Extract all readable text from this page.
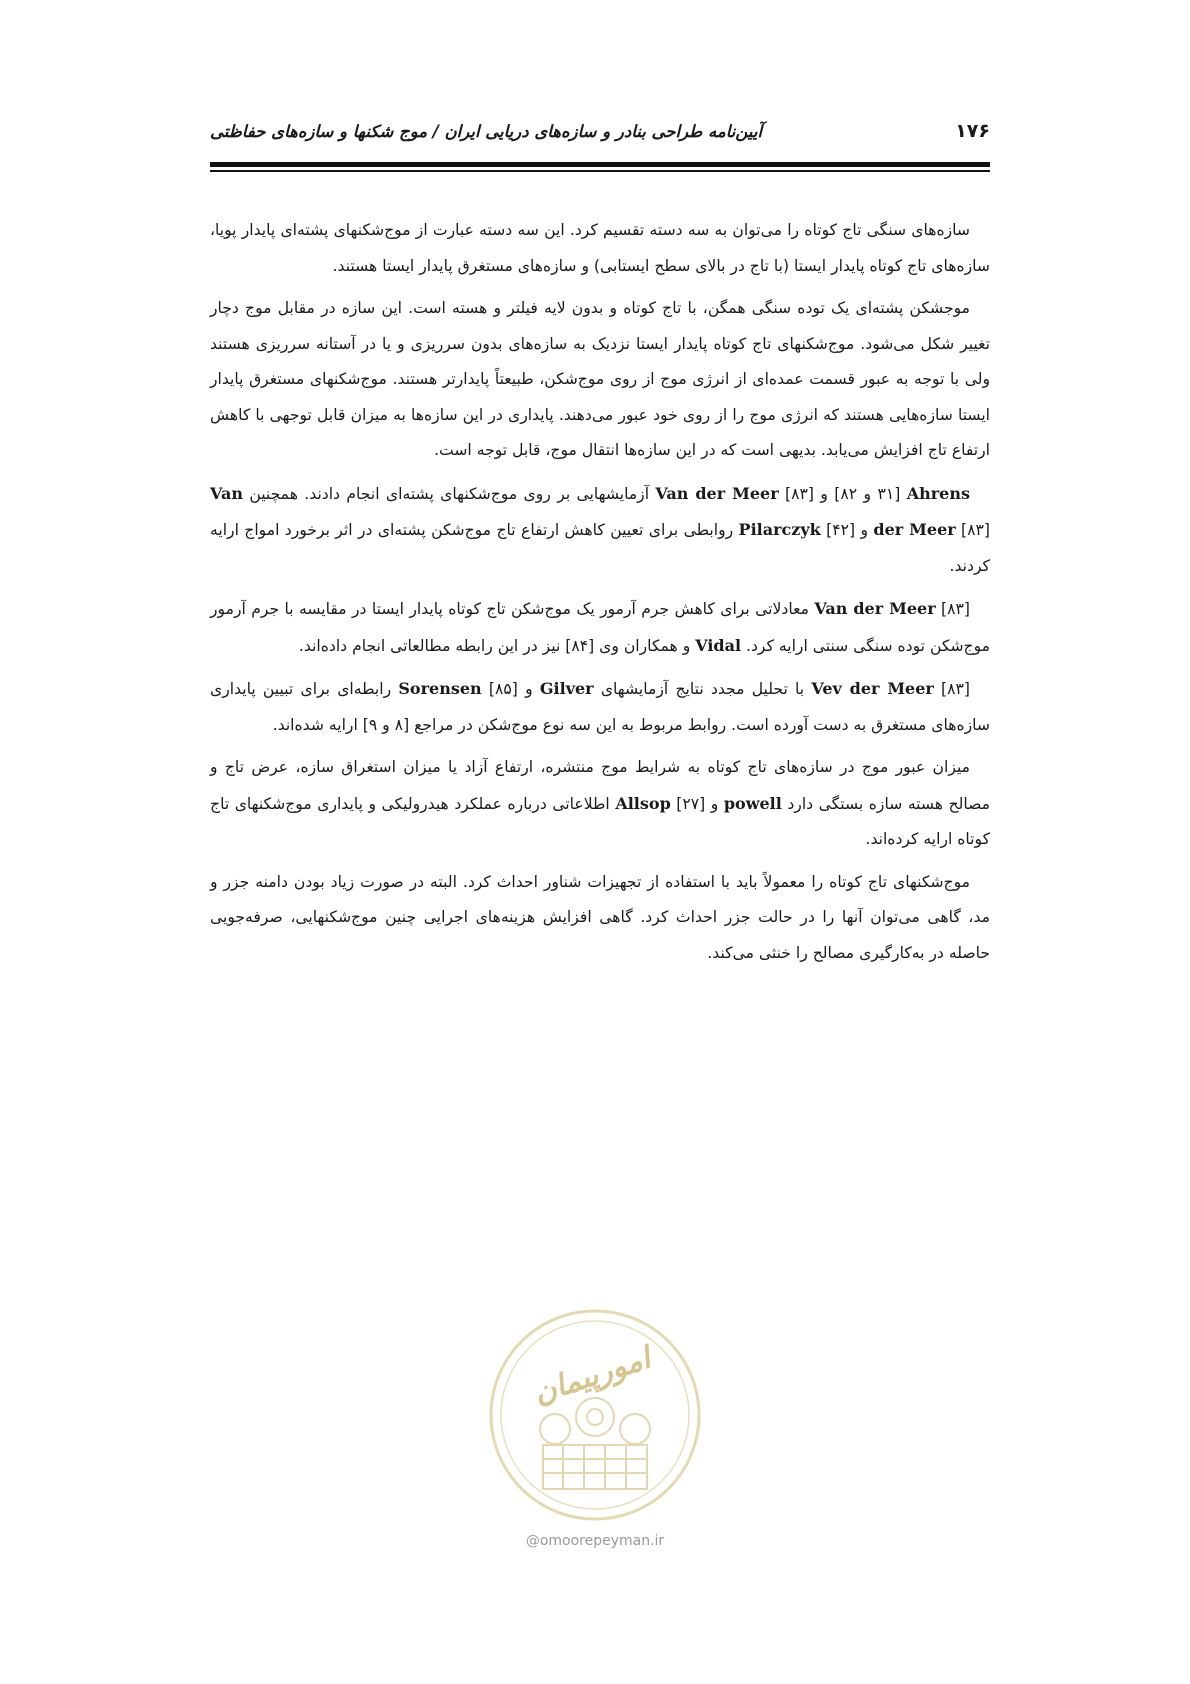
۱۷۶
آیین‌نامه طراحی بنادر و سازه‌های دریایی ایران / موج شکنها و سازه‌های حفاظتی

سازه‌های سنگی تاج کوتاه را می‌توان به سه دسته تقسیم کرد. این سه دسته عبارت از موج‌شکنهای پشته‌ای پایدار پویا، سازه‌های تاج کوتاه پایدار ایستا (با تاج در بالای سطح ایستابی) و سازه‌های مستغرق پایدار ایستا هستند.

موجشکن پشته‌ای یک توده سنگی همگن، با تاج کوتاه و بدون لایه فیلتر و هسته است. این سازه در مقابل موج دچار تغییر شکل می‌شود. موج‌شکنهای تاج کوتاه پایدار ایستا نزدیک به سازه‌های بدون سرریزی و یا در آستانه سرریزی هستند ولی با توجه به عبور قسمت عمده‌ای از انرژی موج از روی موج‌شکن، طبیعتاً پایدارتر هستند. موج‌شکنهای مستغرق پایدار ایستا سازه‌هایی هستند که انرژی موج را از روی خود عبور می‌دهند. پایداری در این سازه‌ها به میزان قابل توجهی با کاهش ارتفاع تاج افزایش می‌یابد. بدیهی است که در این سازه‌ها انتقال موج، قابل توجه است.

Ahrens [۳۱ و ۸۲] و Van der Meer [۸۳] آزمایشهایی بر روی موج‌شکنهای پشته‌ای انجام دادند. همچنین Van der Meer [۸۳] و Pilarczyk [۴۲] روابطی برای تعیین کاهش ارتفاع تاج موج‌شکن پشته‌ای در اثر برخورد امواج ارایه کردند.

Van der Meer [۸۳] معادلاتی برای کاهش جرم آرمور یک موج‌شکن تاج کوتاه پایدار ایستا در مقایسه با جرم آرمور موج‌شکن توده سنگی سنتی ارایه کرد. Vidal و همکاران وی [۸۴] نیز در این رابطه مطالعاتی انجام داده‌اند.

Vev der Meer [۸۳] با تحلیل مجدد نتایج آزمایشهای Gilver و Sorensen [۸۵] رابطه‌ای برای تبیین پایداری سازه‌های مستغرق به دست آورده است. روابط مربوط به این سه نوع موج‌شکن در مراجع [۸ و ۹] ارایه شده‌اند.

میزان عبور موج در سازه‌های تاج کوتاه به شرایط موج منتشره، ارتفاع آزاد یا میزان استغراق سازه، عرض تاج و مصالح هسته سازه بستگی دارد powell و Allsop [۲۷] اطلاعاتی درباره عملکرد هیدرولیکی و پایداری موج‌شکنهای تاج کوتاه ارایه کرده‌اند.

موج‌شکنهای تاج کوتاه را معمولاً باید با استفاده از تجهیزات شناور احداث کرد. البته در صورت زیاد بودن دامنه جزر و مد، گاهی می‌توان آنها را در حالت جزر احداث کرد. گاهی افزایش هزینه‌های اجرایی چنین موج‌شکنهایی، صرفه‌جویی حاصله در به‌کارگیری مصالح را خنثی می‌کند.

امورپیمان
@omoorepeyman.ir
